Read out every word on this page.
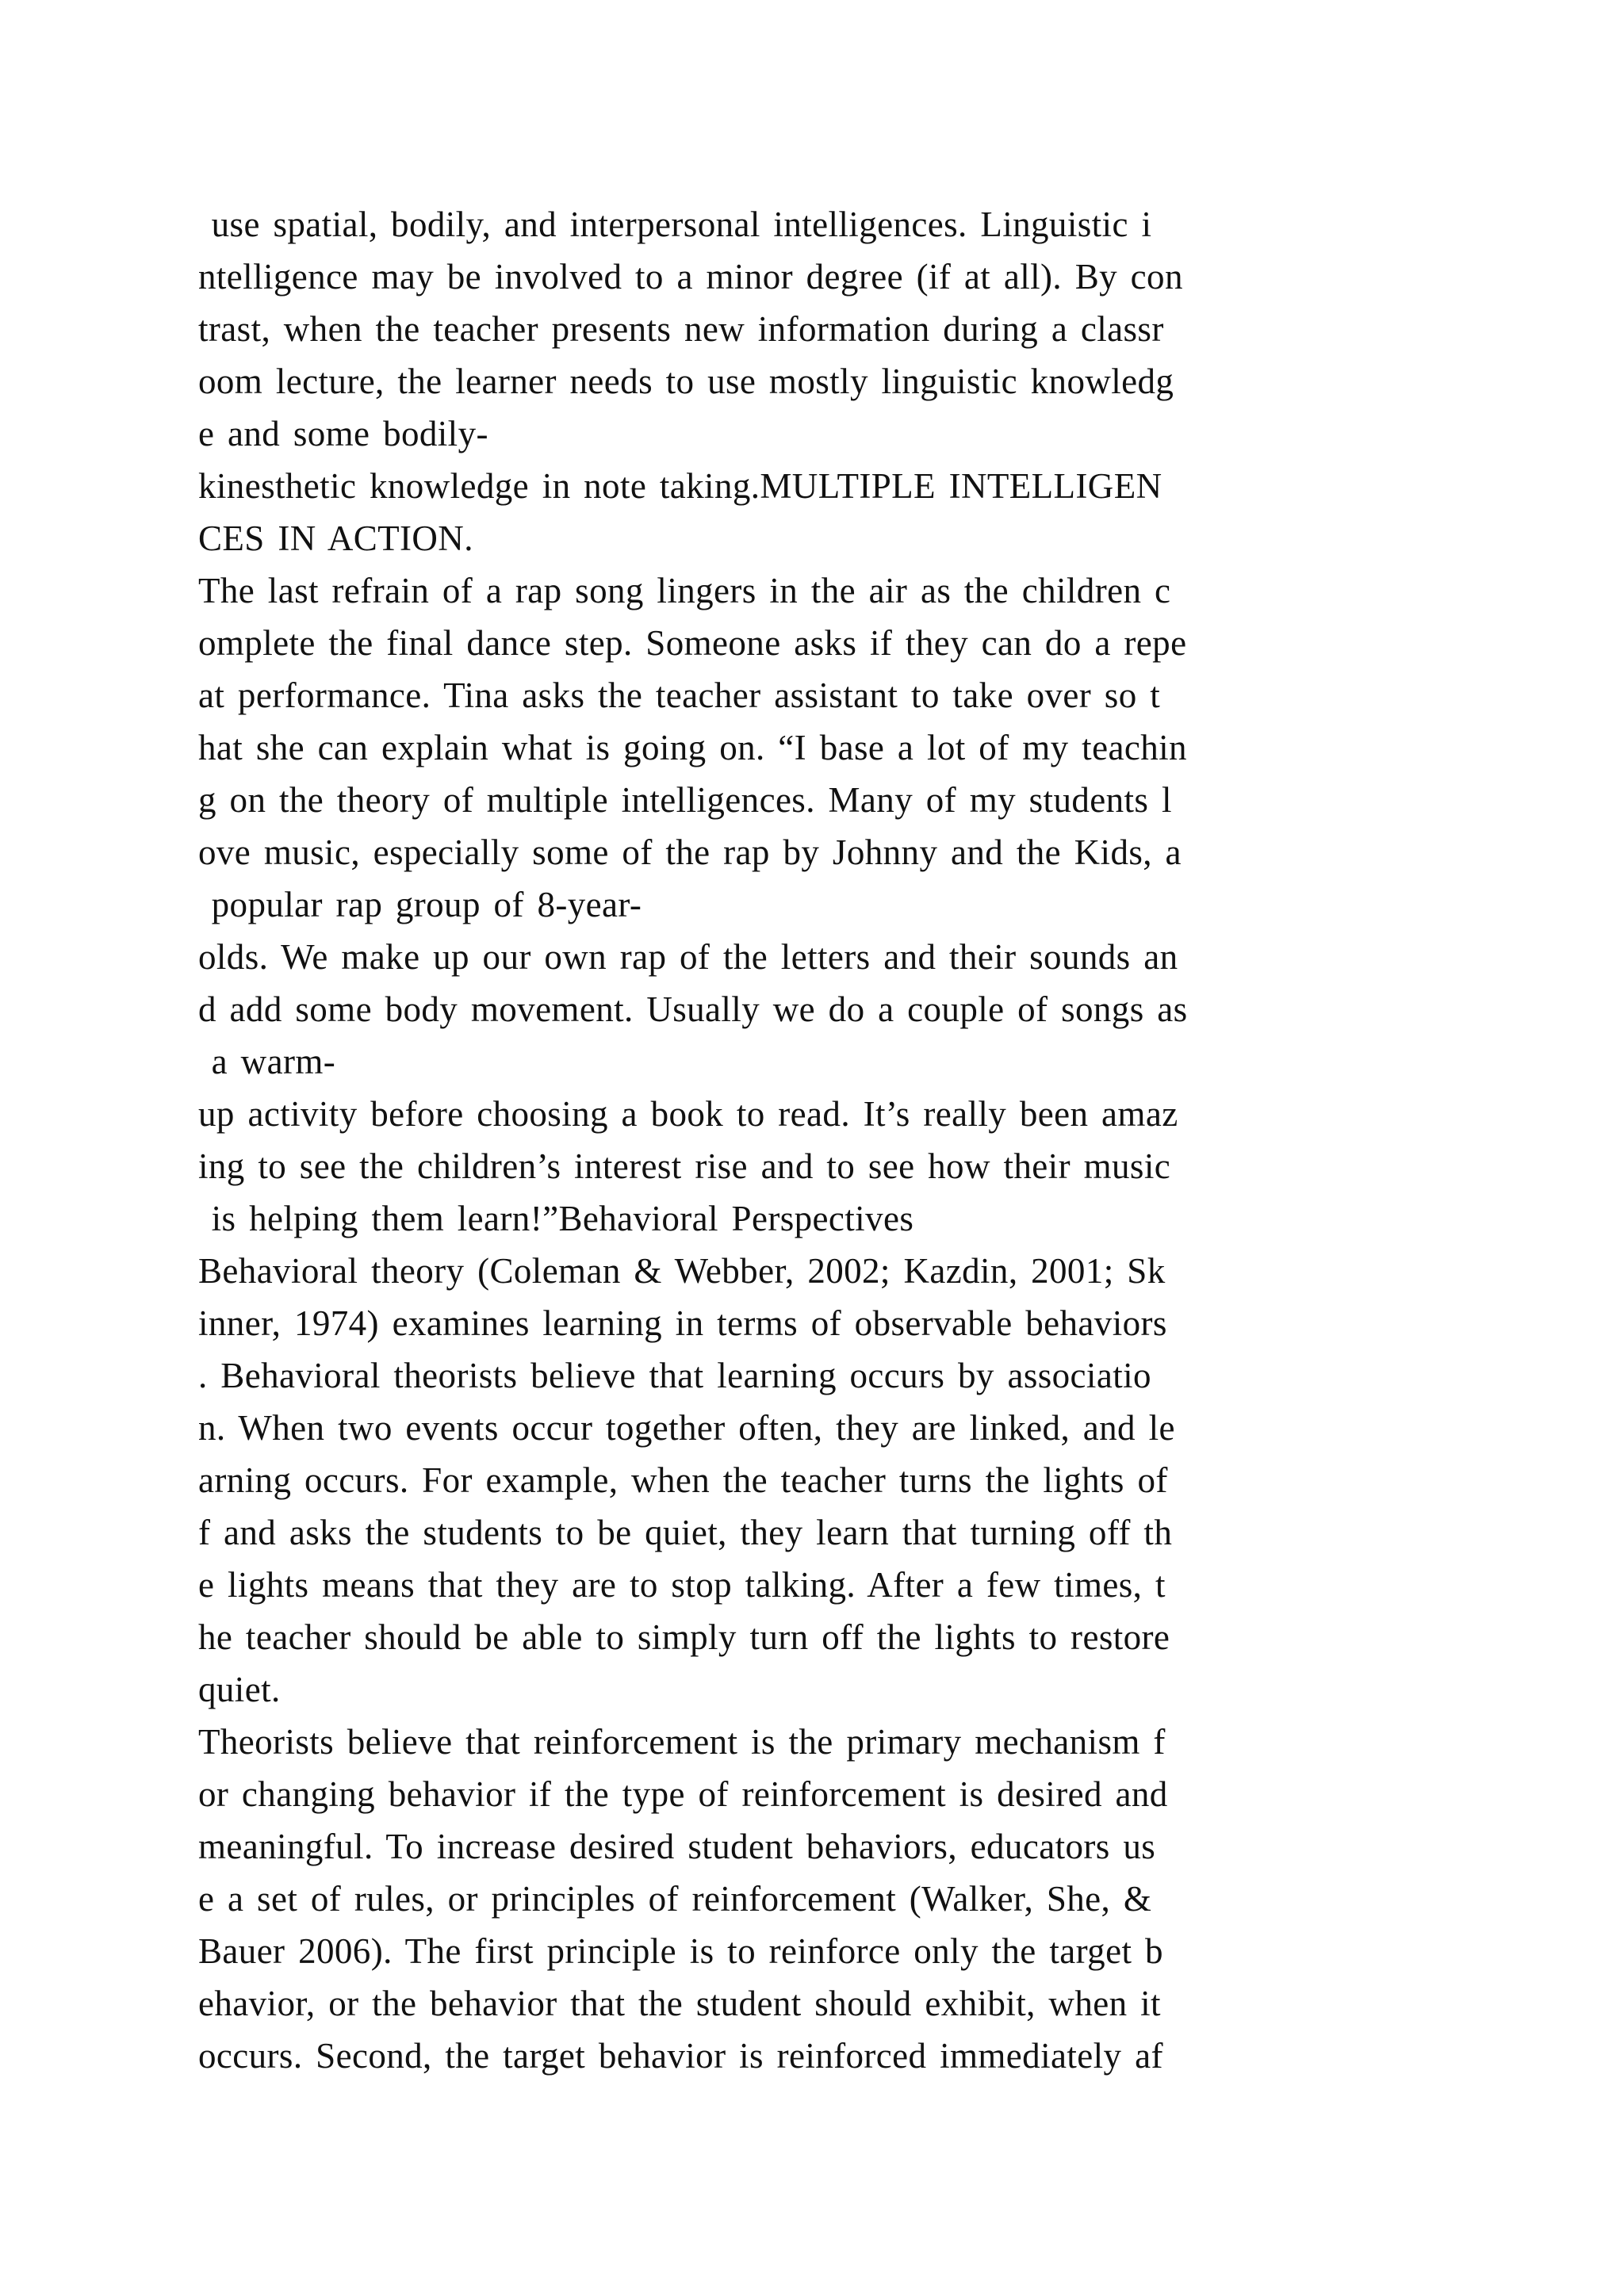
use spatial, bodily, and interpersonal intelligences. Linguistic i
ntelligence may be involved to a minor degree (if at all). By con
trast, when the teacher presents new information during a classr
oom lecture, the learner needs to use mostly linguistic knowledg
e and some bodily-
kinesthetic knowledge in note taking.MULTIPLE INTELLIGEN
CES IN ACTION.
The last refrain of a rap song lingers in the air as the children c
omplete the final dance step. Someone asks if they can do a repe
at performance. Tina asks the teacher assistant to take over so t
hat she can explain what is going on. “I base a lot of my teachin
g on the theory of multiple intelligences. Many of my students l
ove music, especially some of the rap by Johnny and the Kids, a
popular rap group of 8-year-
olds. We make up our own rap of the letters and their sounds an
d add some body movement. Usually we do a couple of songs as
a warm-
up activity before choosing a book to read. It’s really been amaz
ing to see the children’s interest rise and to see how their music
is helping them learn!”Behavioral Perspectives
Behavioral theory (Coleman & Webber, 2002; Kazdin, 2001; Sk
inner, 1974) examines learning in terms of observable behaviors
. Behavioral theorists believe that learning occurs by associatio
n. When two events occur together often, they are linked, and le
arning occurs. For example, when the teacher turns the lights of
f and asks the students to be quiet, they learn that turning off th
e lights means that they are to stop talking. After a few times, t
he teacher should be able to simply turn off the lights to restore
quiet.
Theorists believe that reinforcement is the primary mechanism f
or changing behavior if the type of reinforcement is desired and
meaningful. To increase desired student behaviors, educators us
e a set of rules, or principles of reinforcement (Walker, She, &
Bauer 2006). The first principle is to reinforce only the target b
ehavior, or the behavior that the student should exhibit, when it
occurs. Second, the target behavior is reinforced immediately af
